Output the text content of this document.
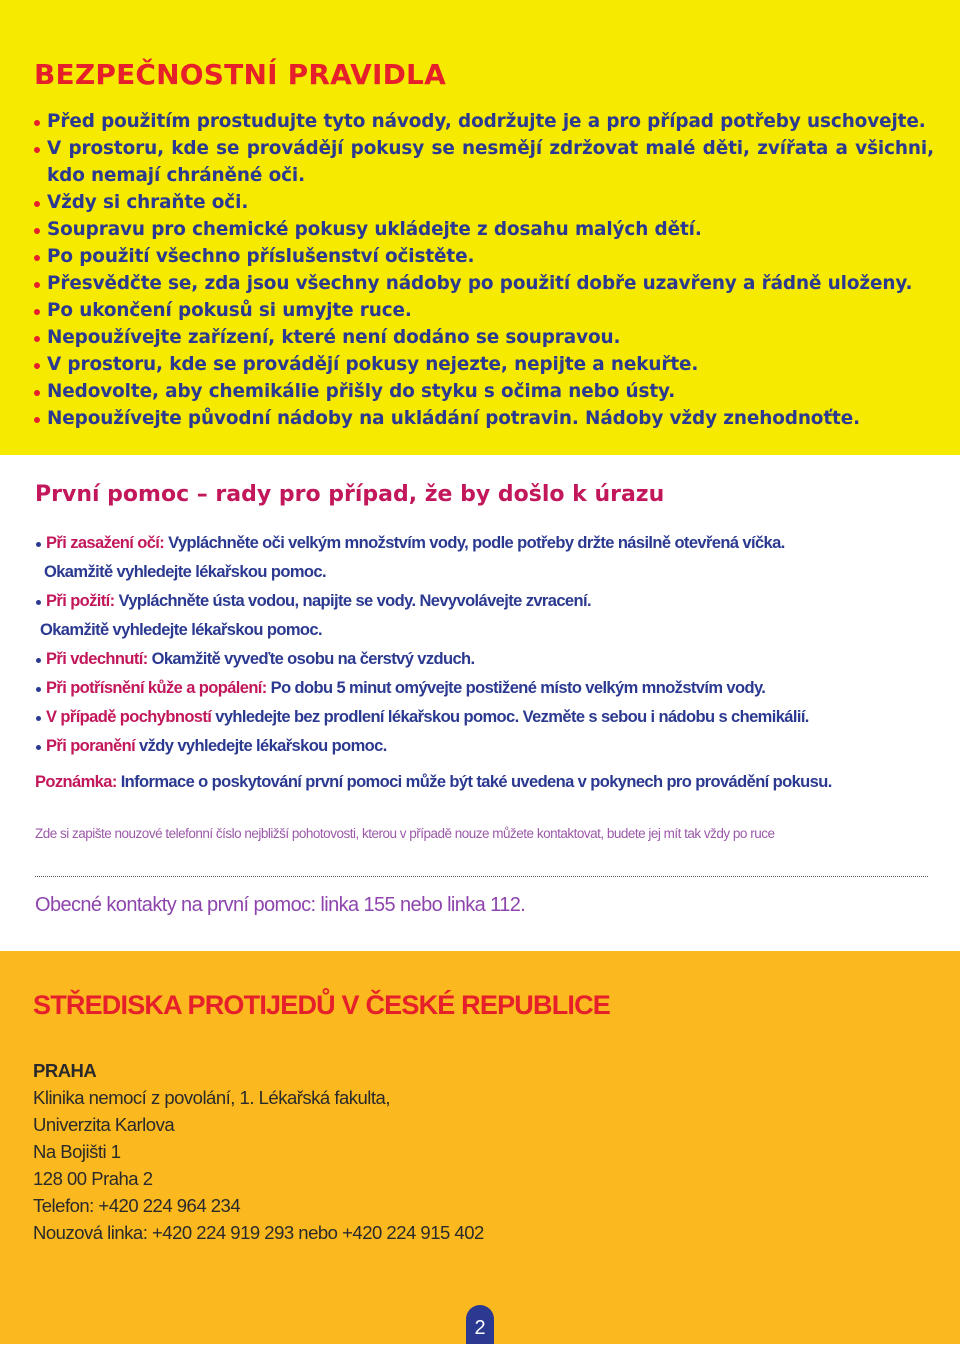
BEZPEČNOSTNÍ PRAVIDLA
Před použitím prostudujte tyto návody, dodržujte je a pro případ potřeby uschovejte.
V prostoru, kde se provádějí pokusy se nesmějí zdržovat malé děti, zvířata a všichni, kdo nemají chráněné oči.
Vždy si chraňte oči.
Soupravu pro chemické pokusy ukládejte z dosahu malých dětí.
Po použití všechno příslušenství očistěte.
Přesvědčte se, zda jsou všechny nádoby po použití dobře uzavřeny a řádně uloženy.
Po ukončení pokusů si umyjte ruce.
Nepoužívejte zařízení, které není dodáno se soupravou.
V prostoru, kde se provádějí pokusy nejezte, nepijte a nekuřte.
Nedovolte, aby chemikálie přišly do styku s očima nebo ústy.
Nepoužívejte původní nádoby na ukládání potravin. Nádoby vždy znehodnoťte.
První pomoc – rady pro případ, že by došlo k úrazu
Při zasažení očí: Vypláchněte oči velkým množstvím vody, podle potřeby držte násilně otevřená víčka.
Okamžitě vyhledejte lékařskou pomoc.
Při požití: Vypláchněte ústa vodou, napijte se vody. Nevyvolávejte zvracení.
Okamžitě vyhledejte lékařskou pomoc.
Při vdechnutí: Okamžitě vyveďte osobu na čerstvý vzduch.
Při potřísnění kůže a popálení: Po dobu 5 minut omývejte postižené místo velkým množstvím vody.
V případě pochybností vyhledejte bez prodlení lékařskou pomoc. Vezměte s sebou i nádobu s chemikálií.
Při poranění vždy vyhledejte lékařskou pomoc.
Poznámka: Informace o poskytování první pomoci může být také uvedena v pokynech pro provádění pokusu.
Zde si zapište nouzové telefonní číslo nejbližší pohotovosti, kterou v případě nouze můžete kontaktovat, budete jej mít tak vždy po ruce
Obecné kontakty na první pomoc: linka 155 nebo linka 112.
STŘEDISKA PROTIJEDŮ V ČESKÉ REPUBLICE
PRAHA
Klinika nemocí z povolání, 1. Lékařská fakulta,
Univerzita Karlova
Na Bojišti 1
128 00 Praha 2
Telefon: +420 224 964 234
Nouzová linka: +420 224 919 293 nebo +420 224 915 402
2
